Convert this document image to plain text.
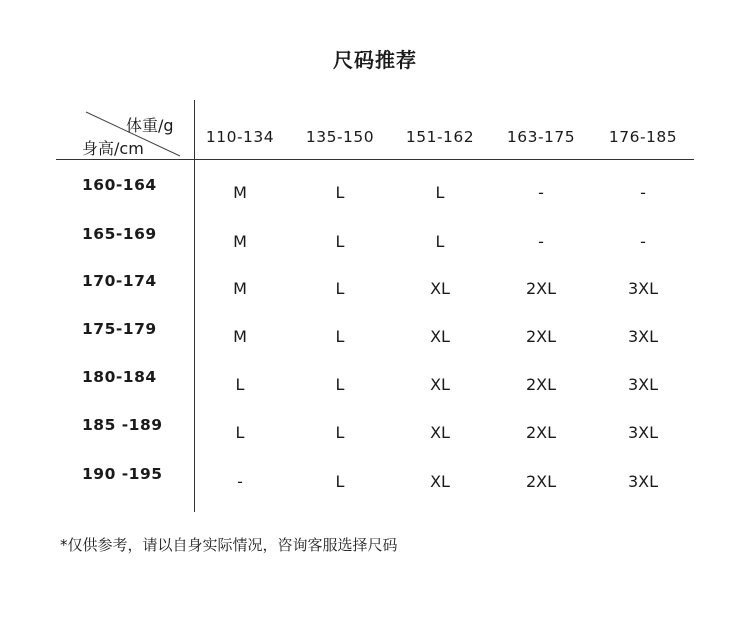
尺码推荐
体重/g
身高/cm
110-134	135-150	151-162	163-175	176-185
160-164	M	L	L	-	-
165-169	M	L	L	-	-
170-174	M	L	XL	2XL	3XL
175-179	M	L	XL	2XL	3XL
180-184	L	L	XL	2XL	3XL
185 -189	L	L	XL	2XL	3XL
190 -195	-	L	XL	2XL	3XL
*仅供参考，请以自身实际情况，咨询客服选择尺码
